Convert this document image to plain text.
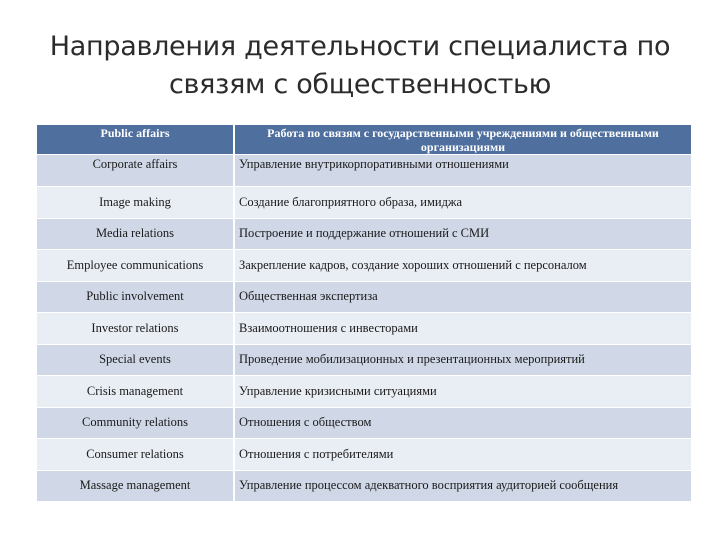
Направления деятельности специалиста по
связям с общественностью
Public affairs	Работа по связям с государственными учреждениями и общественными организациями
Corporate affairs	Управление внутрикорпоративными отношениями
Image making	Создание благоприятного образа, имиджа
Media relations	Построение и поддержание отношений с СМИ
Employee communications	Закрепление кадров, создание хороших отношений с персоналом
Public involvement	Общественная экспертиза
Investor relations	Взаимоотношения с инвесторами
Special events	Проведение мобилизационных и презентационных мероприятий
Crisis management	Управление кризисными ситуациями
Community relations	Отношения с обществом
Consumer relations	Отношения с потребителями
Massage management	Управление процессом адекватного восприятия аудиторией сообщения
